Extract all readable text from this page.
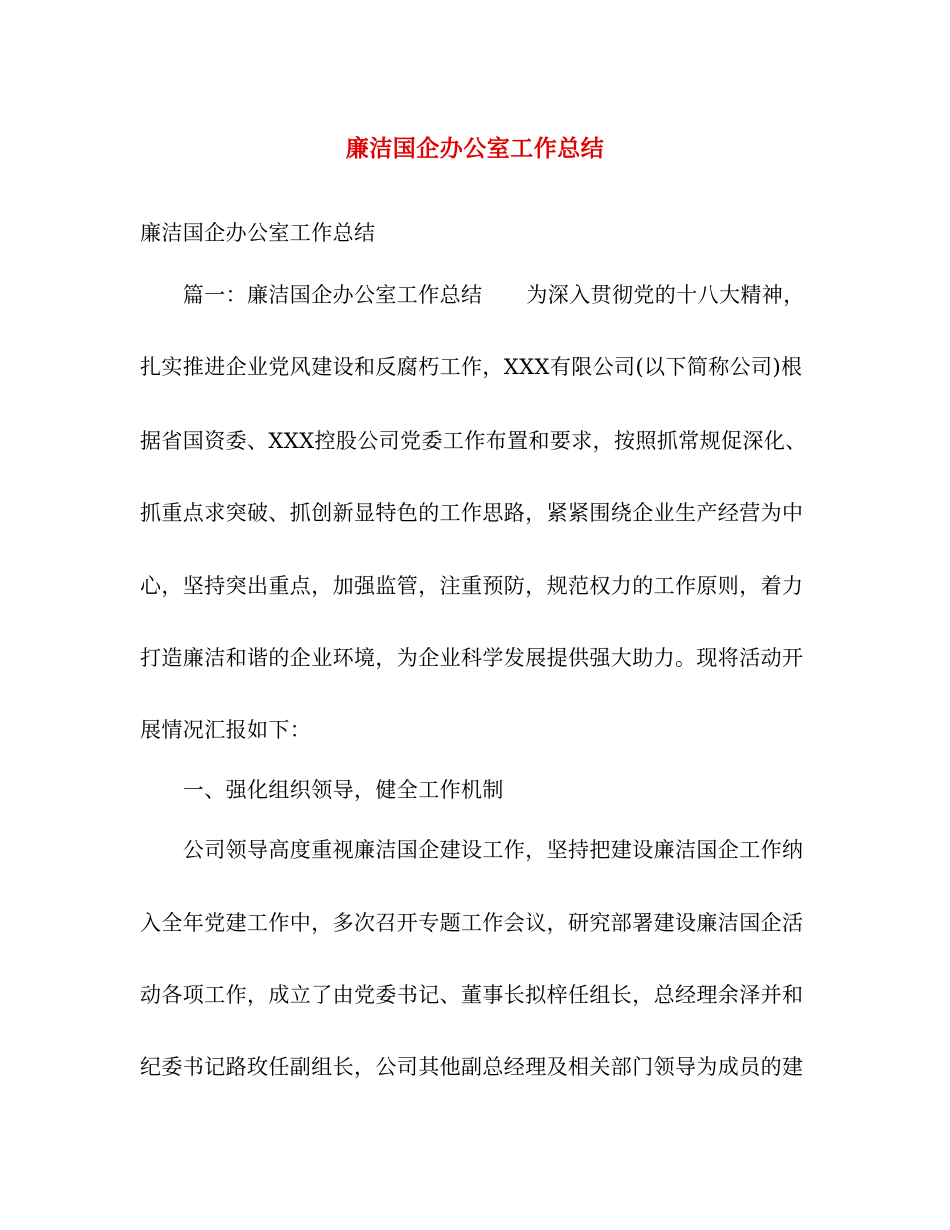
廉洁国企办公室工作总结
廉洁国企办公室工作总结
　　篇一：廉洁国企办公室工作总结 为深入贯彻党的十八大精神，
扎实推进企业党风建设和反腐朽工作，XXX有限公司(以下简称公司)根
据省国资委、XXX控股公司党委工作布置和要求，按照抓常规促深化、
抓重点求突破、抓创新显特色的工作思路，紧紧围绕企业生产经营为中
心，坚持突出重点，加强监管，注重预防，规范权力的工作原则，着力
打造廉洁和谐的企业环境，为企业科学发展提供强大助力。现将活动开
展情况汇报如下：
　　一、强化组织领导，健全工作机制
　　公司领导高度重视廉洁国企建设工作，坚持把建设廉洁国企工作纳
入全年党建工作中，多次召开专题工作会议，研究部署建设廉洁国企活
动各项工作，成立了由党委书记、董事长拟梓任组长，总经理余泽并和
纪委书记路玫任副组长，公司其他副总经理及相关部门领导为成员的建
